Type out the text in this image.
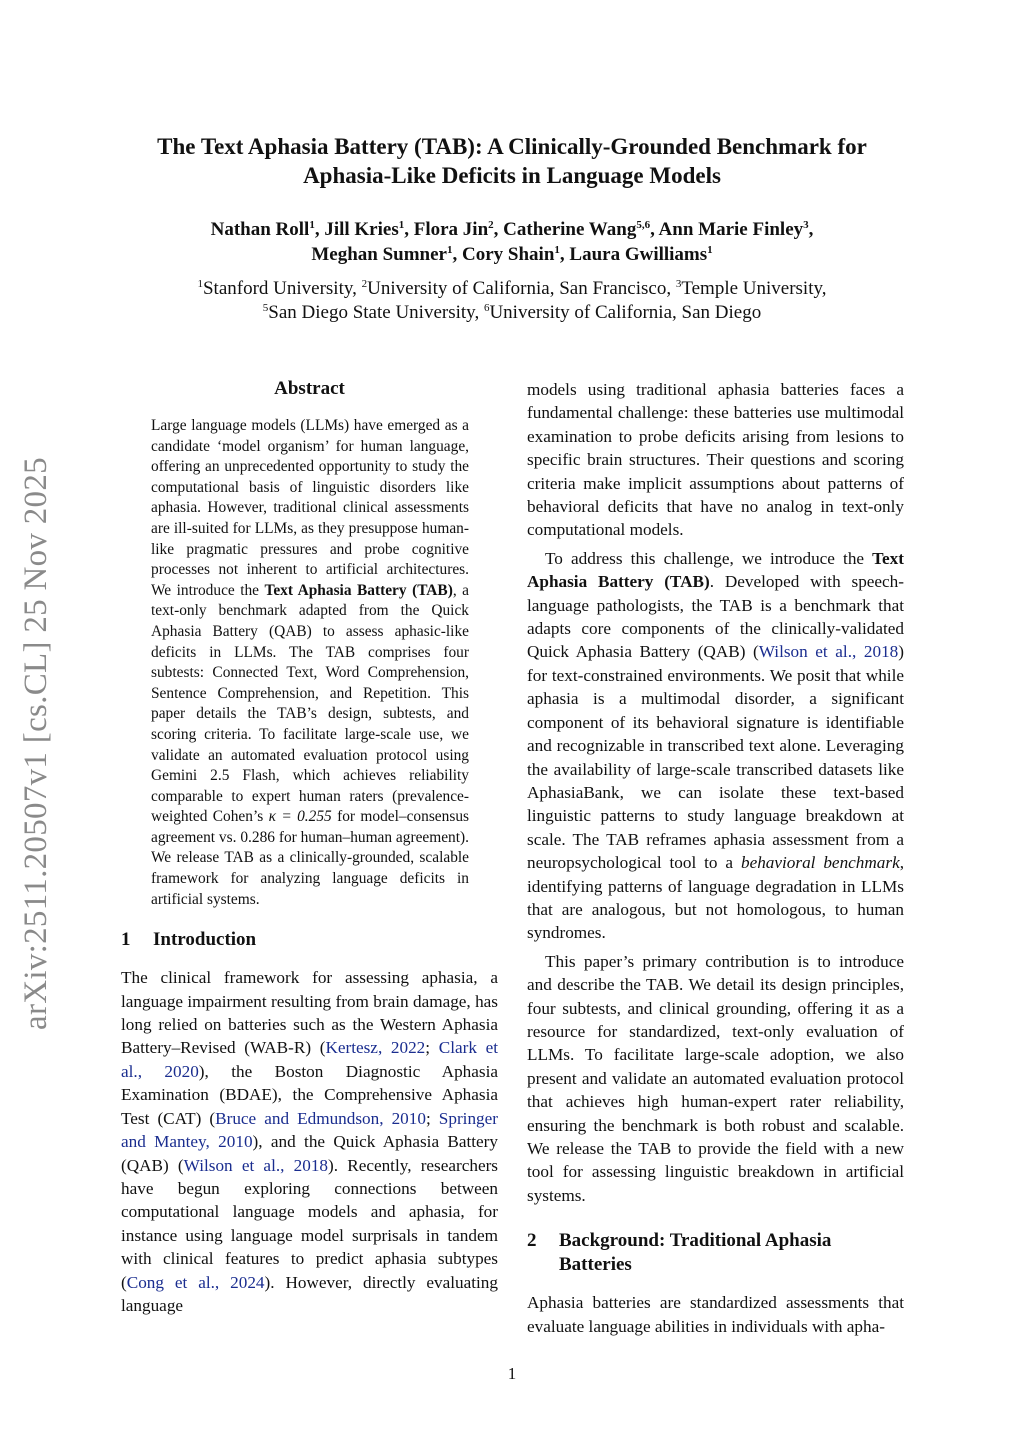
arXiv:2511.20507v1 [cs.CL] 25 Nov 2025
The Text Aphasia Battery (TAB): A Clinically-Grounded Benchmark for
Aphasia-Like Deficits in Language Models
Nathan Roll$^1$, Jill Kries$^1$, Flora Jin$^2$, Catherine Wang$^{5,6}$, Ann Marie Finley$^3$,
Meghan Sumner$^1$, Cory Shain$^1$, Laura Gwilliams$^1$
$^1$Stanford University, $^2$University of California, San Francisco, $^3$Temple University,
$^5$San Diego State University, $^6$University of California, San Diego
Abstract

Large language models (LLMs) have emerged as a candidate ‘model organism’ for human language, offering an unprecedented opportunity to study the computational basis of linguistic disorders like aphasia. However, traditional clinical assessments are ill-suited for LLMs, as they presuppose human-like pragmatic pressures and probe cognitive processes not inherent to artificial architectures. We introduce the Text Aphasia Battery (TAB), a text-only benchmark adapted from the Quick Aphasia Battery (QAB) to assess aphasic-like deficits in LLMs. The TAB comprises four subtests: Connected Text, Word Comprehension, Sentence Comprehension, and Repetition. This paper details the TAB’s design, subtests, and scoring criteria. To facilitate large-scale use, we validate an automated evaluation protocol using Gemini 2.5 Flash, which achieves reliability comparable to expert human raters (prevalence-weighted Cohen’s κ = 0.255 for model–consensus agreement vs. 0.286 for human–human agreement). We release TAB as a clinically-grounded, scalable framework for analyzing language deficits in artificial systems.

1	Introduction

The clinical framework for assessing aphasia, a language impairment resulting from brain damage, has long relied on batteries such as the Western Aphasia Battery–Revised (WAB-R) (Kertesz, 2022; Clark et al., 2020), the Boston Diagnostic Aphasia Examination (BDAE), the Comprehensive Aphasia Test (CAT) (Bruce and Edmundson, 2010; Springer and Mantey, 2010), and the Quick Aphasia Battery (QAB) (Wilson et al., 2018). Recently, researchers have begun exploring connections between computational language models and aphasia, for instance using language model surprisals in tandem with clinical features to predict aphasia subtypes (Cong et al., 2024). However, directly evaluating language

models using traditional aphasia batteries faces a fundamental challenge: these batteries use multimodal examination to probe deficits arising from lesions to specific brain structures. Their questions and scoring criteria make implicit assumptions about patterns of behavioral deficits that have no analog in text-only computational models.

To address this challenge, we introduce the Text Aphasia Battery (TAB). Developed with speech-language pathologists, the TAB is a benchmark that adapts core components of the clinically-validated Quick Aphasia Battery (QAB) (Wilson et al., 2018) for text-constrained environments. We posit that while aphasia is a multimodal disorder, a significant component of its behavioral signature is identifiable and recognizable in transcribed text alone. Leveraging the availability of large-scale transcribed datasets like AphasiaBank, we can isolate these text-based linguistic patterns to study language breakdown at scale. The TAB reframes aphasia assessment from a neuropsychological tool to a behavioral benchmark, identifying patterns of language degradation in LLMs that are analogous, but not homologous, to human syndromes.

This paper’s primary contribution is to introduce and describe the TAB. We detail its design principles, four subtests, and clinical grounding, offering it as a resource for standardized, text-only evaluation of LLMs. To facilitate large-scale adoption, we also present and validate an automated evaluation protocol that achieves high human-expert rater reliability, ensuring the benchmark is both robust and scalable. We release the TAB to provide the field with a new tool for assessing linguistic breakdown in artificial systems.

2	Background: Traditional Aphasia Batteries

Aphasia batteries are standardized assessments that evaluate language abilities in individuals with apha-

1
